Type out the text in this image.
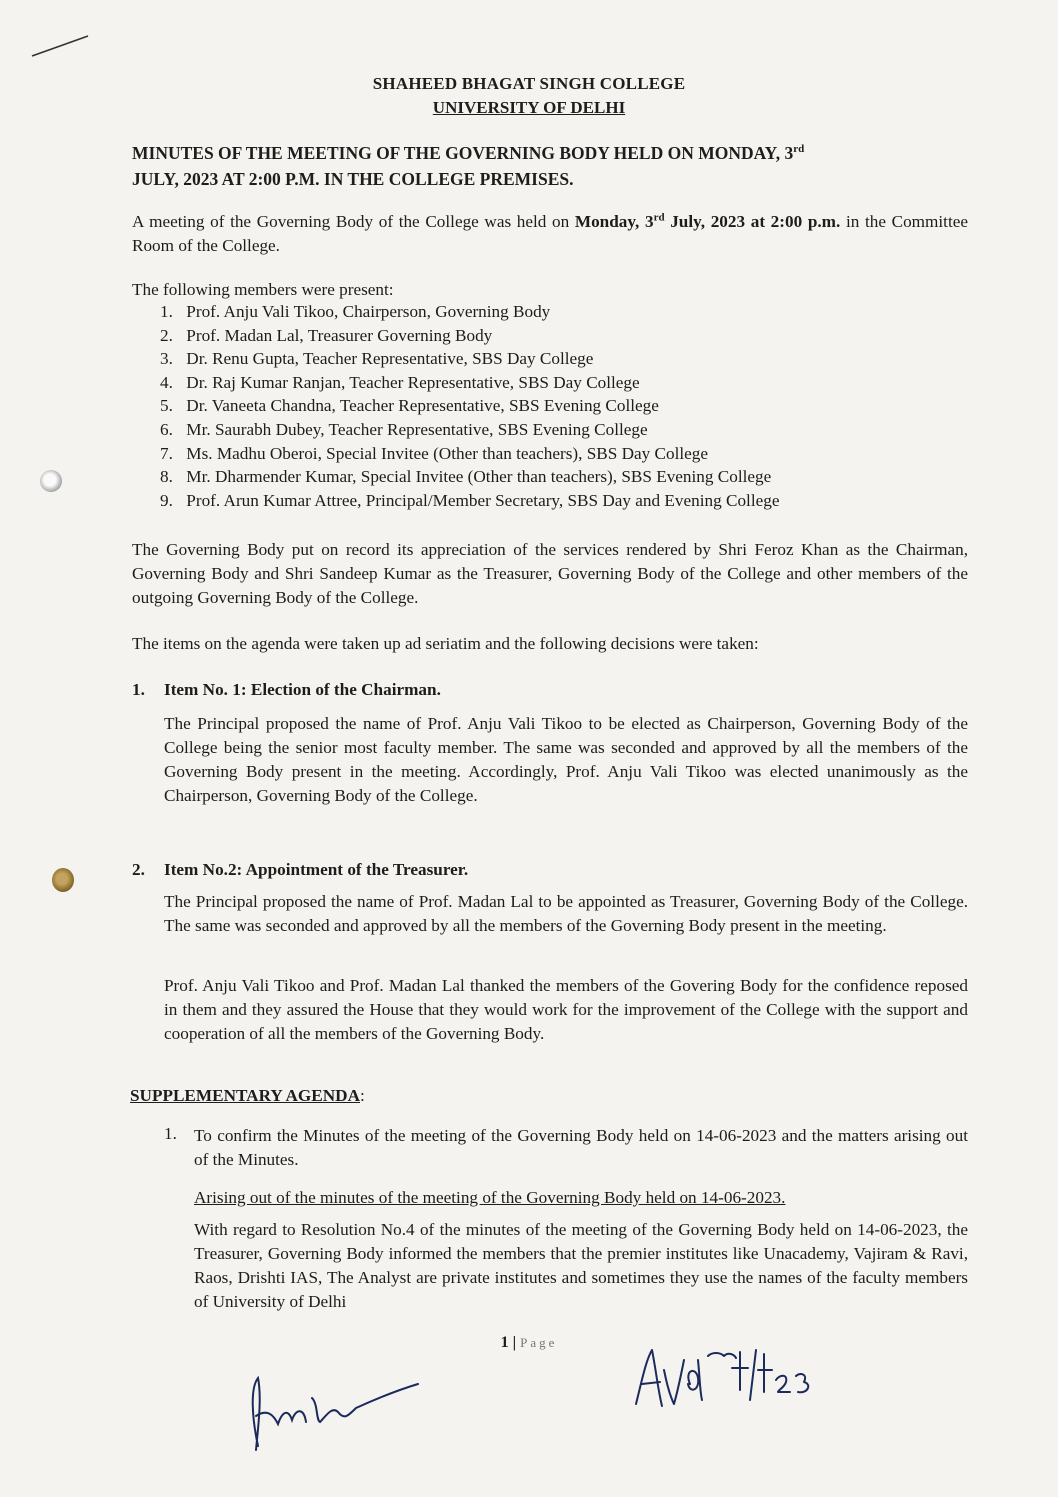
SHAHEED BHAGAT SINGH COLLEGE
UNIVERSITY OF DELHI
MINUTES OF THE MEETING OF THE GOVERNING BODY HELD ON MONDAY, 3rd
JULY, 2023 AT 2:00 P.M. IN THE COLLEGE PREMISES.
A meeting of the Governing Body of the College was held on Monday, 3rd July, 2023 at 2:00 p.m. in the Committee Room of the College.
The following members were present:
1. Prof. Anju Vali Tikoo, Chairperson, Governing Body
2. Prof. Madan Lal, Treasurer Governing Body
3. Dr. Renu Gupta, Teacher Representative, SBS Day College
4. Dr. Raj Kumar Ranjan, Teacher Representative, SBS Day College
5. Dr. Vaneeta Chandna, Teacher Representative, SBS Evening College
6. Mr. Saurabh Dubey, Teacher Representative, SBS Evening College
7. Ms. Madhu Oberoi, Special Invitee (Other than teachers), SBS Day College
8. Mr. Dharmender Kumar, Special Invitee (Other than teachers), SBS Evening College
9. Prof. Arun Kumar Attree, Principal/Member Secretary, SBS Day and Evening College
The Governing Body put on record its appreciation of the services rendered by Shri Feroz Khan as the Chairman, Governing Body and Shri Sandeep Kumar as the Treasurer, Governing Body of the College and other members of the outgoing Governing Body of the College.
The items on the agenda were taken up ad seriatim and the following decisions were taken:
1. Item No. 1: Election of the Chairman.
The Principal proposed the name of Prof. Anju Vali Tikoo to be elected as Chairperson, Governing Body of the College being the senior most faculty member. The same was seconded and approved by all the members of the Governing Body present in the meeting. Accordingly, Prof. Anju Vali Tikoo was elected unanimously as the Chairperson, Governing Body of the College.
2. Item No.2: Appointment of the Treasurer.
The Principal proposed the name of Prof. Madan Lal to be appointed as Treasurer, Governing Body of the College. The same was seconded and approved by all the members of the Governing Body present in the meeting.
Prof. Anju Vali Tikoo and Prof. Madan Lal thanked the members of the Govering Body for the confidence reposed in them and they assured the House that they would work for the improvement of the College with the support and cooperation of all the members of the Governing Body.
SUPPLEMENTARY AGENDA:
1. To confirm the Minutes of the meeting of the Governing Body held on 14-06-2023 and the matters arising out of the Minutes.
Arising out of the minutes of the meeting of the Governing Body held on 14-06-2023.
With regard to Resolution No.4 of the minutes of the meeting of the Governing Body held on 14-06-2023, the Treasurer, Governing Body informed the members that the premier institutes like Unacademy, Vajiram & Ravi, Raos, Drishti IAS, The Analyst are private institutes and sometimes they use the names of the faculty members of University of Delhi
1 | Page
